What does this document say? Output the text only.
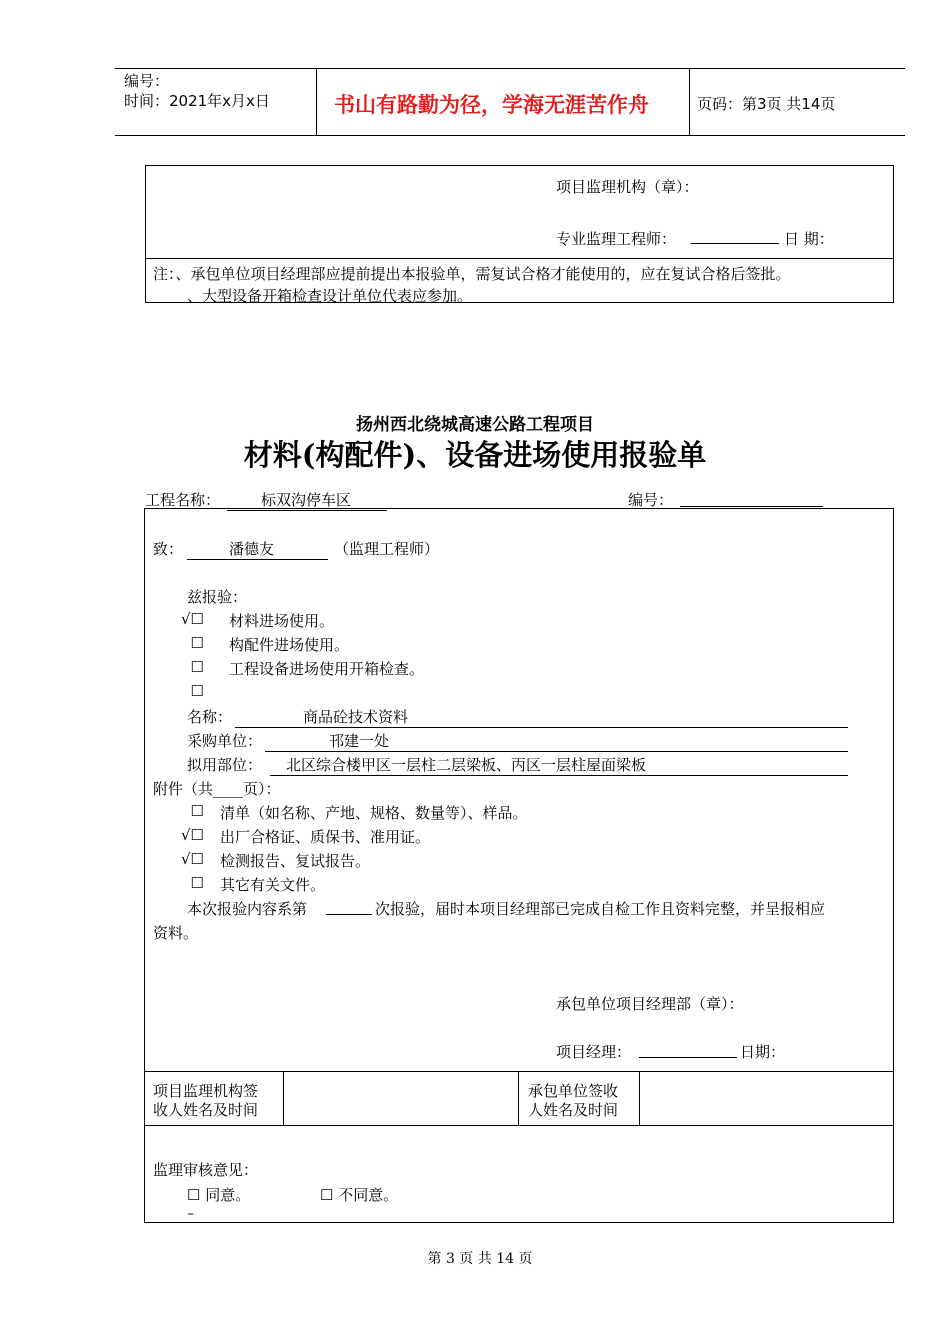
编号：
时间：2021年x月x日	书山有路勤为径，学海无涯苦作舟	页码：第3页 共14页
项目监理机构（章）：
专业监理工程师：	日 期：
注：、承包单位项目经理部应提前提出本报验单，需复试合格才能使用的，应在复试合格后签批。
、大型设备开箱检查设计单位代表应参加。
扬州西北绕城高速公路工程项目
材料(构配件)、设备进场使用报验单
工程名称：	标双沟停车区	编号：
致：	潘德友	（监理工程师）
兹报验：
√☐ 材料进场使用。
☐ 构配件进场使用。
☐ 工程设备进场使用开箱检查。
☐
名称：	商品砼技术资料
采购单位：	邗建一处
拟用部位：	北区综合楼甲区一层柱二层梁板、丙区一层柱屋面梁板
附件（共____页）：
☐ 清单（如名称、产地、规格、数量等）、样品。
√☐ 出厂合格证、质保书、准用证。
√☐ 检测报告、复试报告。
☐ 其它有关文件。
本次报验内容系第	次报验，届时本项目经理部已完成自检工作且资料完整，并呈报相应
资料。
承包单位项目经理部（章）：
项目经理：	日期：
项目监理机构签
收人姓名及时间
承包单位签收
人姓名及时间
监理审核意见：
☐ 同意。	☐ 不同意。
–
第 3 页 共 14 页
